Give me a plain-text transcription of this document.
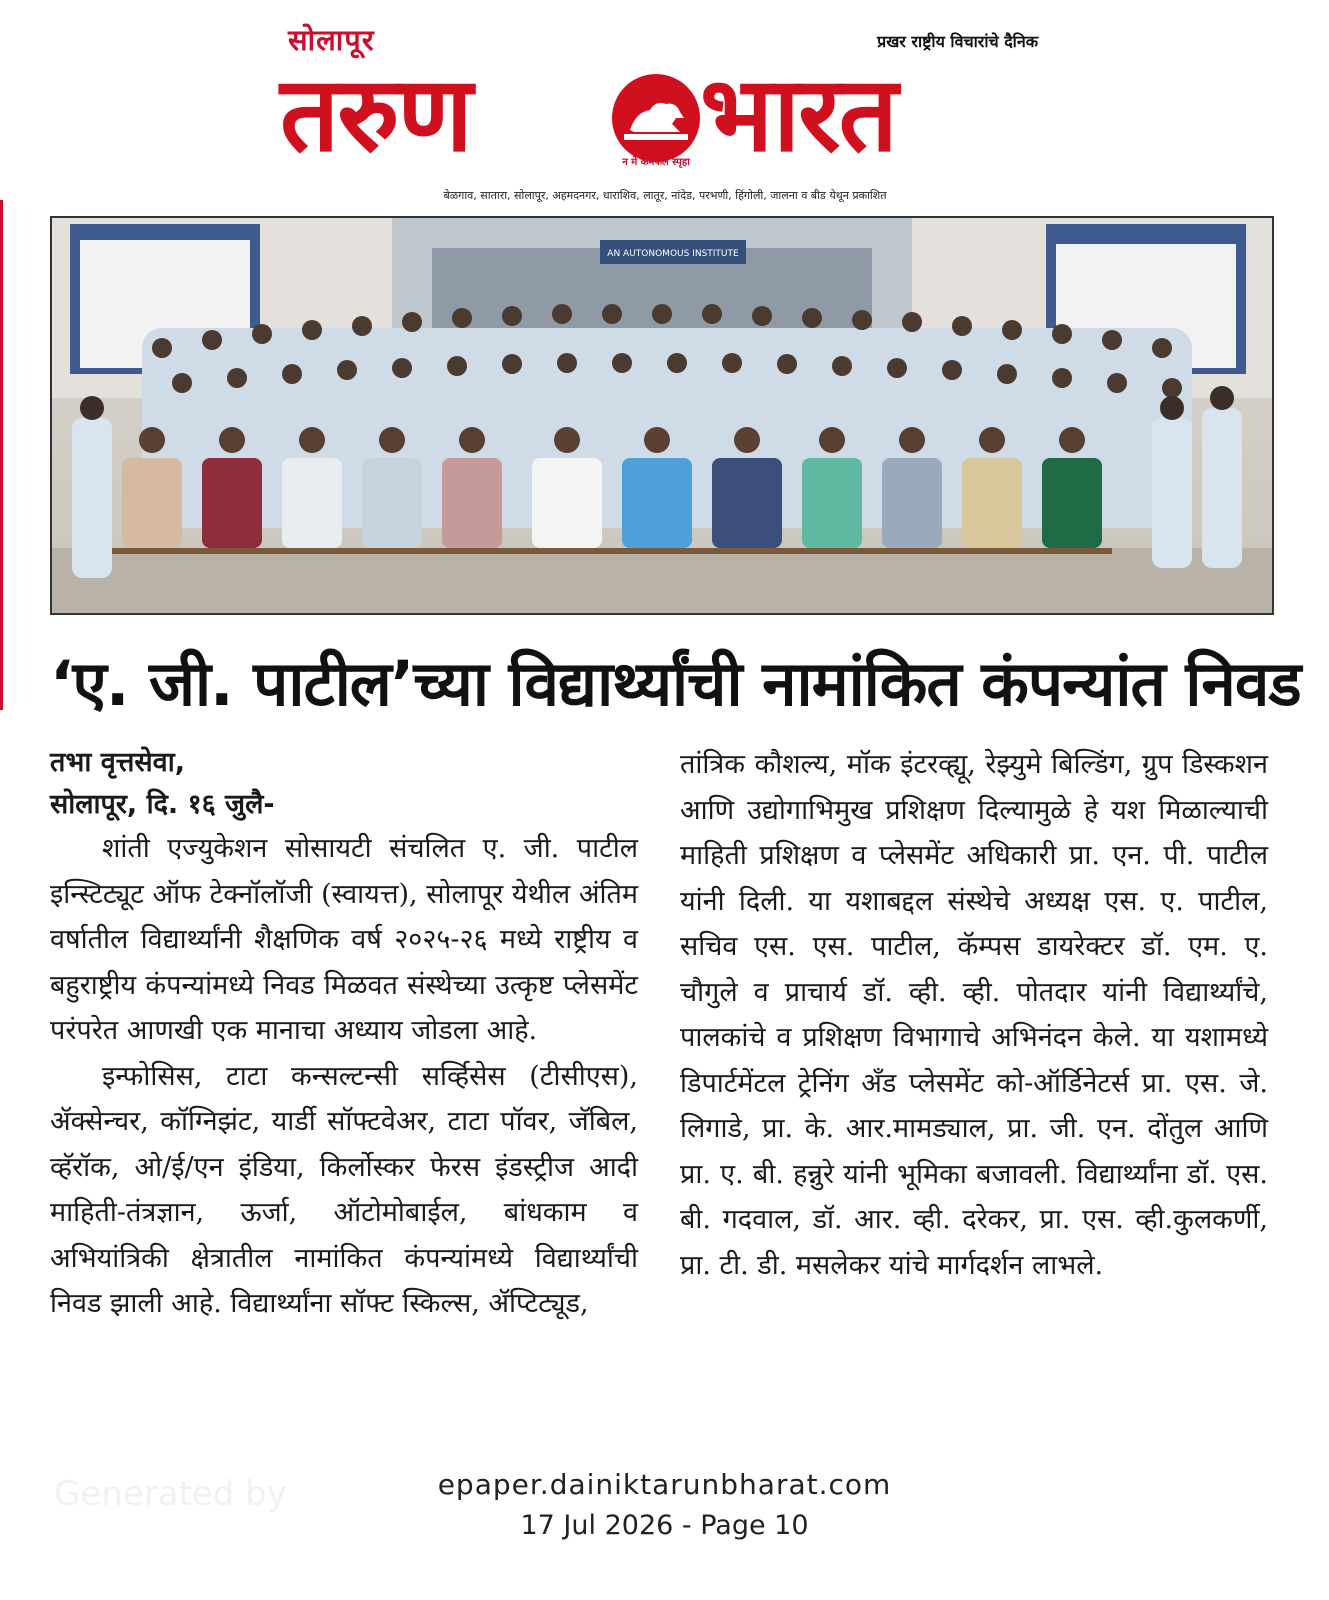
सोलापूर	प्रखर राष्ट्रीय विचारांचे दैनिक
तरुण	न मे कर्मफले स्पृहा भारत
बेळगाव, सातारा, सोलापूर, अहमदनगर, धाराशिव, लातूर, नांदेड, परभणी, हिंगोली, जालना व बीड येथून प्रकाशित
AN AUTONOMOUS INSTITUTE
‘ए. जी. पाटील’च्या विद्यार्थ्यांची नामांकित कंपन्यांत निवड
तभा वृत्तसेवा,
सोलापूर, दि. १६ जुलै-

शांती एज्युकेशन सोसायटी संचलित ए. जी. पाटील इन्स्टिट्यूट ऑफ टेक्नॉलॉजी (स्वायत्त), सोलापूर येथील अंतिम वर्षातील विद्यार्थ्यांनी शैक्षणिक वर्ष २०२५-२६ मध्ये राष्ट्रीय व बहुराष्ट्रीय कंपन्यांमध्ये निवड मिळवत संस्थेच्या उत्कृष्ट प्लेसमेंट परंपरेत आणखी एक मानाचा अध्याय जोडला आहे.

इन्फोसिस, टाटा कन्सल्टन्सी सर्व्हिसेस (टीसीएस), ॲक्सेन्चर, कॉग्निझंट, यार्डी सॉफ्टवेअर, टाटा पॉवर, जॅबिल, व्हॅरॉक, ओ/ई/एन इंडिया, किर्लोस्कर फेरस इंडस्ट्रीज आदी माहिती-तंत्रज्ञान, ऊर्जा, ऑटोमोबाईल, बांधकाम व अभियांत्रिकी क्षेत्रातील नामांकित कंपन्यांमध्ये विद्यार्थ्यांची निवड झाली आहे. विद्यार्थ्यांना सॉफ्ट स्किल्स, ॲप्टिट्यूड,

तांत्रिक कौशल्य, मॉक इंटरव्ह्यू, रेझ्युमे बिल्डिंग, ग्रुप डिस्कशन आणि उद्योगाभिमुख प्रशिक्षण दिल्यामुळे हे यश मिळाल्याची माहिती प्रशिक्षण व प्लेसमेंट अधिकारी प्रा. एन. पी. पाटील यांनी दिली. या यशाबद्दल संस्थेचे अध्यक्ष एस. ए. पाटील, सचिव एस. एस. पाटील, कॅम्पस डायरेक्टर डॉ. एम. ए. चौगुले व प्राचार्य डॉ. व्ही. व्ही. पोतदार यांनी विद्यार्थ्यांचे, पालकांचे व प्रशिक्षण विभागाचे अभिनंदन केले. या यशामध्ये डिपार्टमेंटल ट्रेनिंग अँड प्लेसमेंट को-ऑर्डिनेटर्स प्रा. एस. जे. लिगाडे, प्रा. के. आर.मामड्याल, प्रा. जी. एन. दोंतुल आणि प्रा. ए. बी. हन्नुरे यांनी भूमिका बजावली. विद्यार्थ्यांना डॉ. एस. बी. गदवाल, डॉ. आर. व्ही. दरेकर, प्रा. एस. व्ही.कुलकर्णी, प्रा. टी. डी. मसलेकर यांचे मार्गदर्शन लाभले.

Generated by	epaper.dainiktarunbharat.com
17 Jul 2026 - Page 10
